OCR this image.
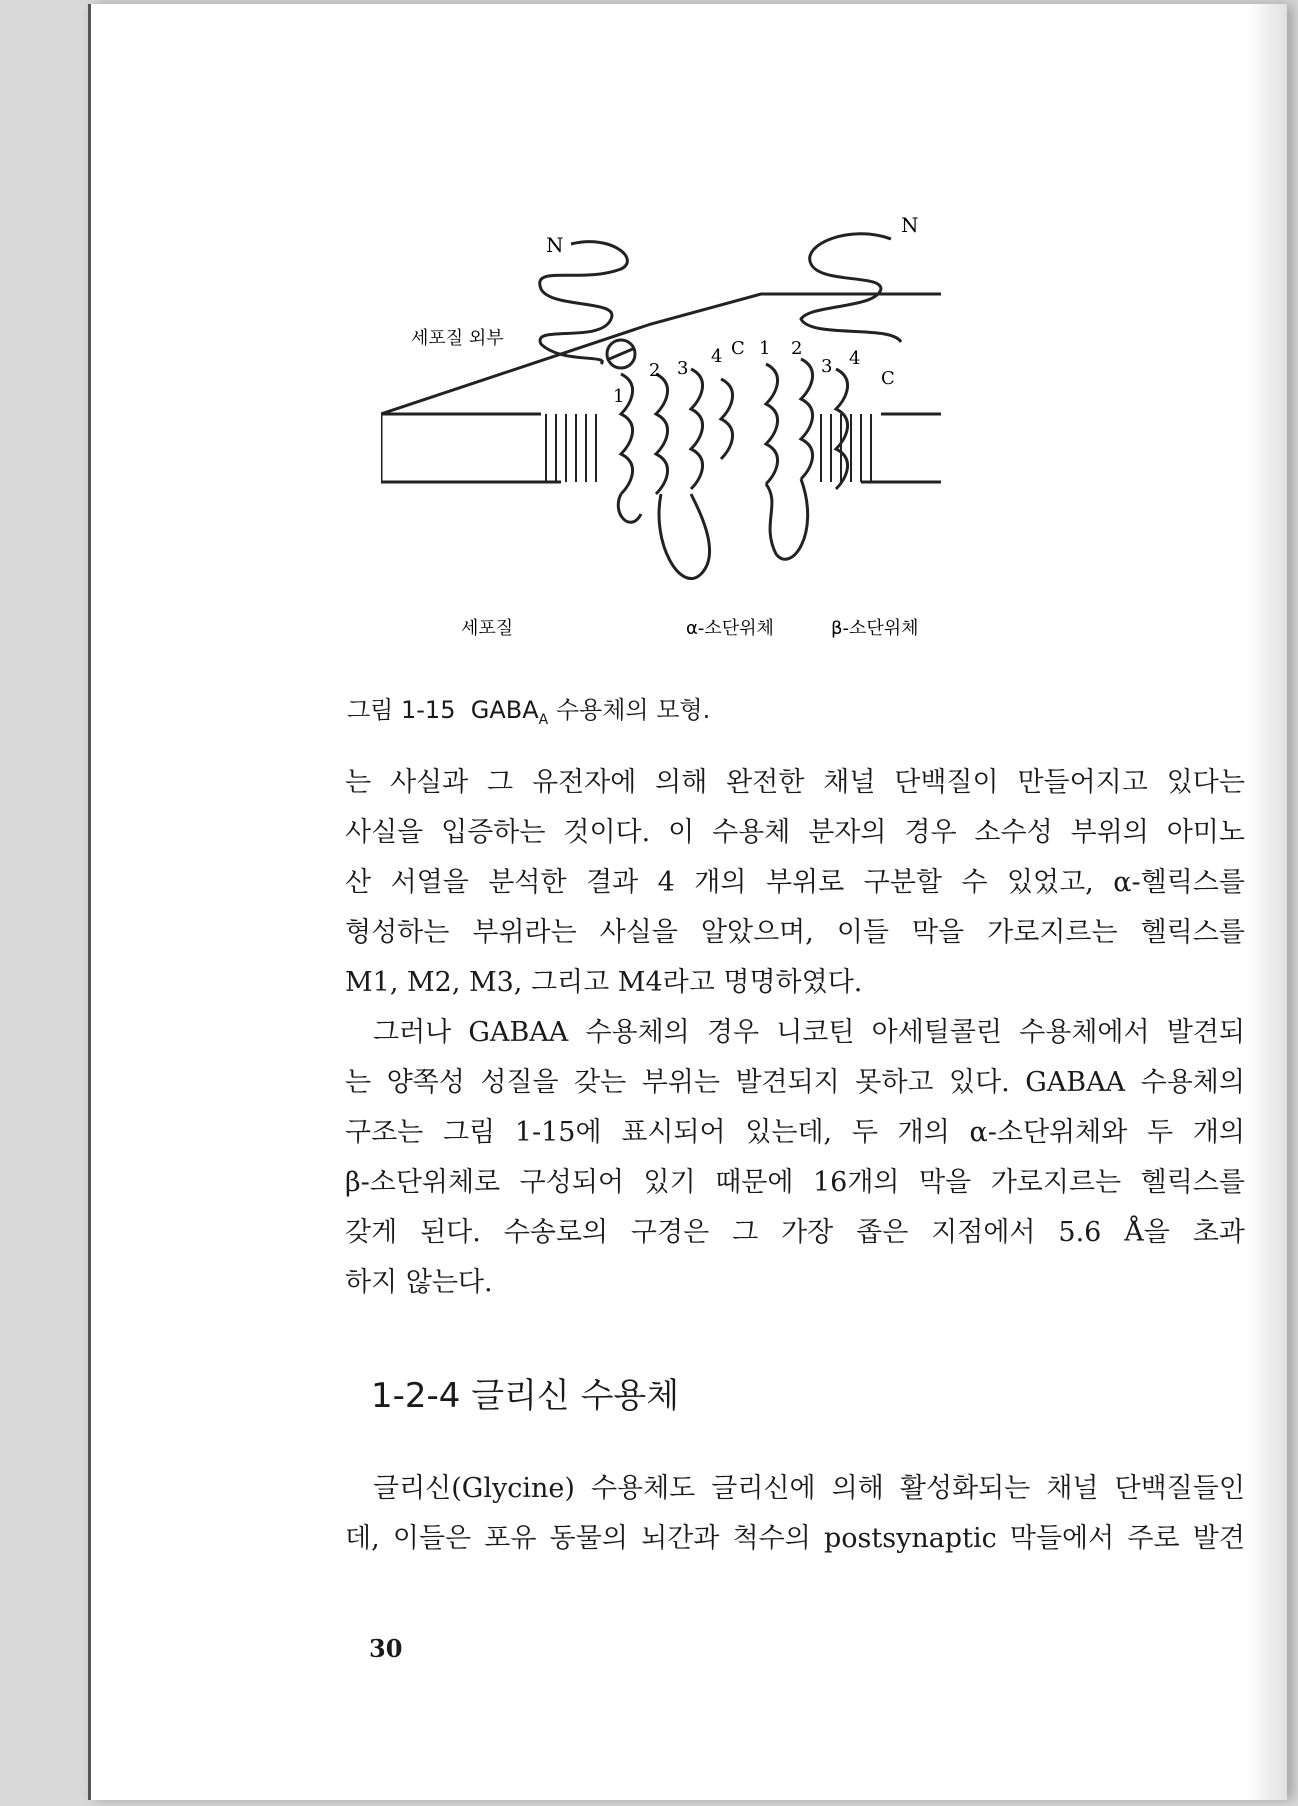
N
N
세포질 외부
세포질	α-소단위체	β-소단위체
1
2 3
4 C 1 2
3 4
C
그림 1-15 $GABA_A$ 수용체의 모형.
는 사실과 그 유전자에 의해 완전한 채널 단백질이 만들어지고 있다는
사실을 입증하는 것이다. 이 수용체 분자의 경우 소수성 부위의 아미노
산 서열을 분석한 결과 4 개의 부위로 구분할 수 있었고, α-헬릭스를
형성하는 부위라는 사실을 알았으며, 이들 막을 가로지르는 헬릭스를
M1, M2, M3, 그리고 M4라고 명명하였다.
그러나 GABAA 수용체의 경우 니코틴 아세틸콜린 수용체에서 발견되
는 양쪽성 성질을 갖는 부위는 발견되지 못하고 있다. GABAA 수용체의
구조는 그림 1-15에 표시되어 있는데, 두 개의 α-소단위체와 두 개의
β-소단위체로 구성되어 있기 때문에 16개의 막을 가로지르는 헬릭스를
갖게 된다. 수송로의 구경은 그 가장 좁은 지점에서 5.6 Å을 초과
하지 않는다.
1-2-4 글리신 수용체
글리신(Glycine) 수용체도 글리신에 의해 활성화되는 채널 단백질들인
데, 이들은 포유 동물의 뇌간과 척수의 postsynaptic 막들에서 주로 발견
30
